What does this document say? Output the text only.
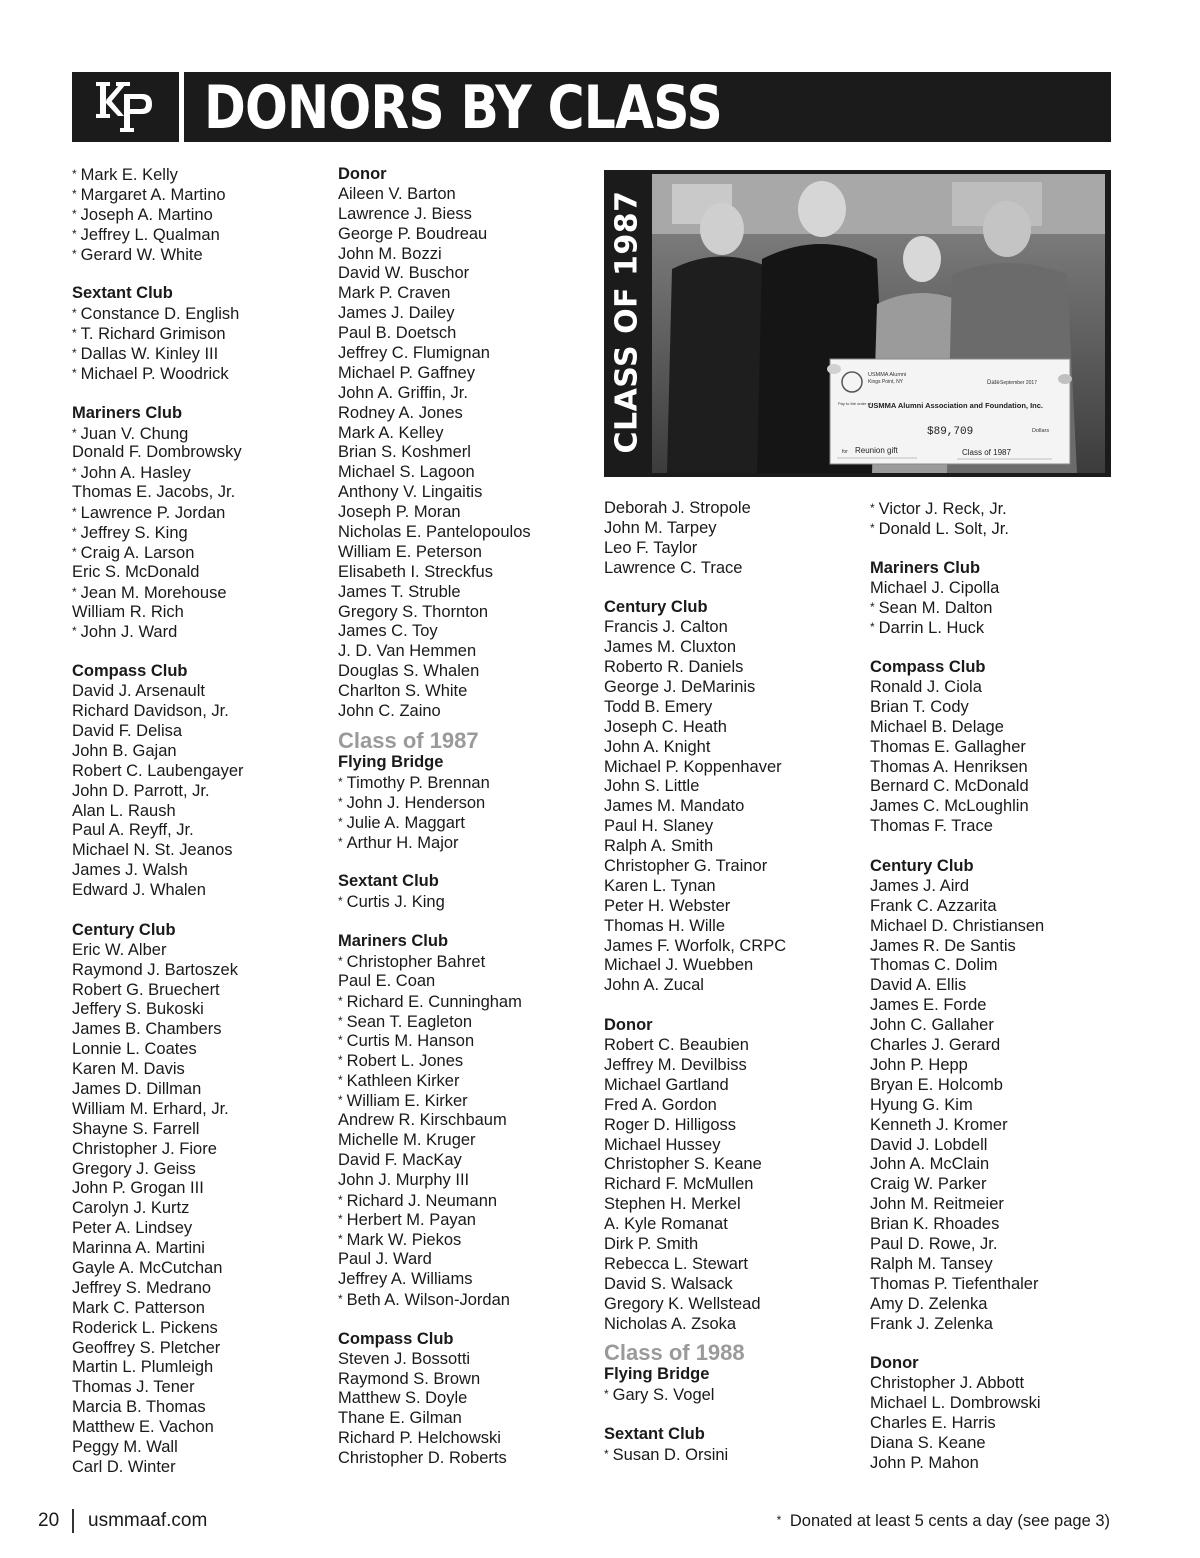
DONORS BY CLASS
* Mark E. Kelly
* Margaret A. Martino
* Joseph A. Martino
* Jeffrey L. Qualman
* Gerard W. White
Sextant Club
* Constance D. English
* T. Richard Grimison
* Dallas W. Kinley III
* Michael P. Woodrick
Mariners Club
* Juan V. Chung
Donald F. Dombrowsky
* John A. Hasley
Thomas E. Jacobs, Jr.
* Lawrence P. Jordan
* Jeffrey S. King
* Craig A. Larson
Eric S. McDonald
* Jean M. Morehouse
William R. Rich
* John J. Ward
Compass Club
David J. Arsenault
Richard Davidson, Jr.
David F. Delisa
John B. Gajan
Robert C. Laubengayer
John D. Parrott, Jr.
Alan L. Raush
Paul A. Reyff, Jr.
Michael N. St. Jeanos
James J. Walsh
Edward J. Whalen
Century Club
Eric W. Alber
Raymond J. Bartoszek
Robert G. Bruechert
Jeffery S. Bukoski
James B. Chambers
Lonnie L. Coates
Karen M. Davis
James D. Dillman
William M. Erhard, Jr.
Shayne S. Farrell
Christopher J. Fiore
Gregory J. Geiss
John P. Grogan III
Carolyn J. Kurtz
Peter A. Lindsey
Marinna A. Martini
Gayle A. McCutchan
Jeffrey S. Medrano
Mark C. Patterson
Roderick L. Pickens
Geoffrey S. Pletcher
Martin L. Plumleigh
Thomas J. Tener
Marcia B. Thomas
Matthew E. Vachon
Peggy M. Wall
Carl D. Winter
Donor
Aileen V. Barton
Lawrence J. Biess
George P. Boudreau
John M. Bozzi
David W. Buschor
Mark P. Craven
James J. Dailey
Paul B. Doetsch
Jeffrey C. Flumignan
Michael P. Gaffney
John A. Griffin, Jr.
Rodney A. Jones
Mark A. Kelley
Brian S. Koshmerl
Michael S. Lagoon
Anthony V. Lingaitis
Joseph P. Moran
Nicholas E. Pantelopoulos
William E. Peterson
Elisabeth I. Streckfus
James T. Struble
Gregory S. Thornton
James C. Toy
J. D. Van Hemmen
Douglas S. Whalen
Charlton S. White
John C. Zaino
Class of 1987
Flying Bridge
* Timothy P. Brennan
* John J. Henderson
* Julie A. Maggart
* Arthur H. Major
Sextant Club
* Curtis J. King
Mariners Club
* Christopher Bahret
Paul E. Coan
* Richard E. Cunningham
* Sean T. Eagleton
* Curtis M. Hanson
* Robert L. Jones
* Kathleen Kirker
* William E. Kirker
Andrew R. Kirschbaum
Michelle M. Kruger
David F. MacKay
John J. Murphy III
* Richard J. Neumann
* Herbert M. Payan
* Mark W. Piekos
Paul J. Ward
Jeffrey A. Williams
* Beth A. Wilson-Jordan
Compass Club
Steven J. Bossotti
Raymond S. Brown
Matthew S. Doyle
Thane E. Gilman
Richard P. Helchowski
Christopher D. Roberts
Deborah J. Stropole
John M. Tarpey
Leo F. Taylor
Lawrence C. Trace
Century Club
Francis J. Calton
James M. Cluxton
Roberto R. Daniels
George J. DeMarinis
Todd B. Emery
Joseph C. Heath
John A. Knight
Michael P. Koppenhaver
John S. Little
James M. Mandato
Paul H. Slaney
Ralph A. Smith
Christopher G. Trainor
Karen L. Tynan
Peter H. Webster
Thomas H. Wille
James F. Worfolk, CRPC
Michael J. Wuebben
John A. Zucal
Donor
Robert C. Beaubien
Jeffrey M. Devilbiss
Michael Gartland
Fred A. Gordon
Roger D. Hilligoss
Michael Hussey
Christopher S. Keane
Richard F. McMullen
Stephen H. Merkel
A. Kyle Romanat
Dirk P. Smith
Rebecca L. Stewart
David S. Walsack
Gregory K. Wellstead
Nicholas A. Zsoka
Class of 1988
Flying Bridge
* Gary S. Vogel
Sextant Club
* Susan D. Orsini
* Victor J. Reck, Jr.
* Donald L. Solt, Jr.
Mariners Club
Michael J. Cipolla
* Sean M. Dalton
* Darrin L. Huck
Compass Club
Ronald J. Ciola
Brian T. Cody
Michael B. Delage
Thomas E. Gallagher
Thomas A. Henriksen
Bernard C. McDonald
James C. McLoughlin
Thomas F. Trace
Century Club
James J. Aird
Frank C. Azzarita
Michael D. Christiansen
James R. De Santis
Thomas C. Dolim
David A. Ellis
James E. Forde
John C. Gallaher
Charles J. Gerard
John P. Hepp
Bryan E. Holcomb
Hyung G. Kim
Kenneth J. Kromer
David J. Lobdell
John A. McClain
Craig W. Parker
John M. Reitmeier
Brian K. Rhoades
Paul D. Rowe, Jr.
Ralph M. Tansey
Thomas P. Tiefenthaler
Amy D. Zelenka
Frank J. Zelenka
Donor
Christopher J. Abbott
Michael L. Dombrowski
Charles E. Harris
Diana S. Keane
John P. Mahon
CLASS OF 1987	USMMA Alumni
Kings Point, NY	Date September 2017
Pay to the order of
USMMA Alumni Association and Foundation, Inc.
$89,709	Dollars
for Reunion gift	Class of 1987
20 usmmaaf.com	* Donated at least 5 cents a day (see page 3)
